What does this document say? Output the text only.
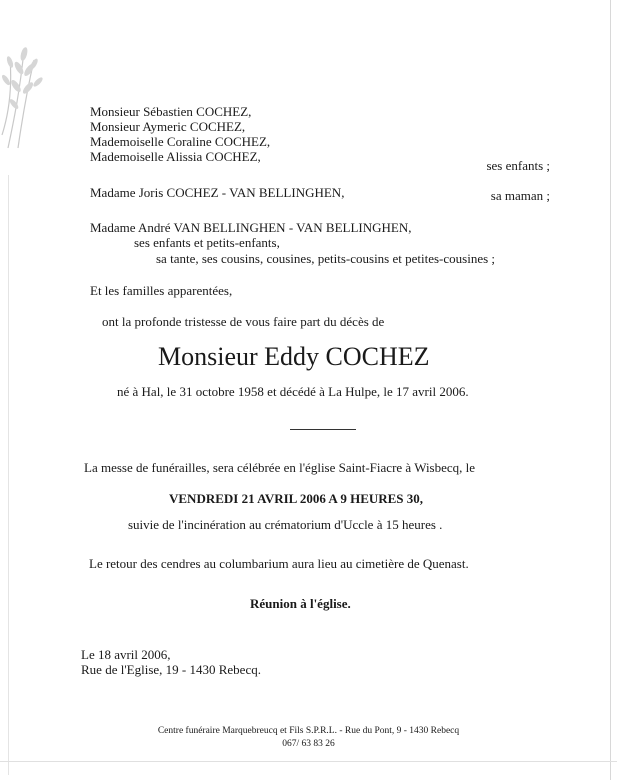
Monsieur Sébastien COCHEZ,
Monsieur Aymeric COCHEZ,
Mademoiselle Coraline COCHEZ,
Mademoiselle Alissia COCHEZ,
ses enfants ;
Madame Joris COCHEZ - VAN BELLINGHEN,	sa maman ;
Madame André VAN BELLINGHEN - VAN BELLINGHEN,
ses enfants et petits-enfants,
sa tante, ses cousins, cousines, petits-cousins et petites-cousines ;
Et les familles apparentées,
ont la profonde tristesse de vous faire part du décès de
Monsieur Eddy COCHEZ
né à Hal, le 31 octobre 1958 et décédé à La Hulpe, le 17 avril 2006.
La messe de funérailles, sera célébrée en l'église Saint-Fiacre à Wisbecq, le
VENDREDI 21 AVRIL 2006 A 9 HEURES 30,
suivie de l'incinération au crématorium d'Uccle à 15 heures .
Le retour des cendres au columbarium aura lieu au cimetière de Quenast.
Réunion à l'église.
Le 18 avril 2006,
Rue de l'Eglise, 19 - 1430 Rebecq.
Centre funéraire Marquebreucq et Fils S.P.R.L. - Rue du Pont, 9 - 1430 Rebecq
067/ 63 83 26
